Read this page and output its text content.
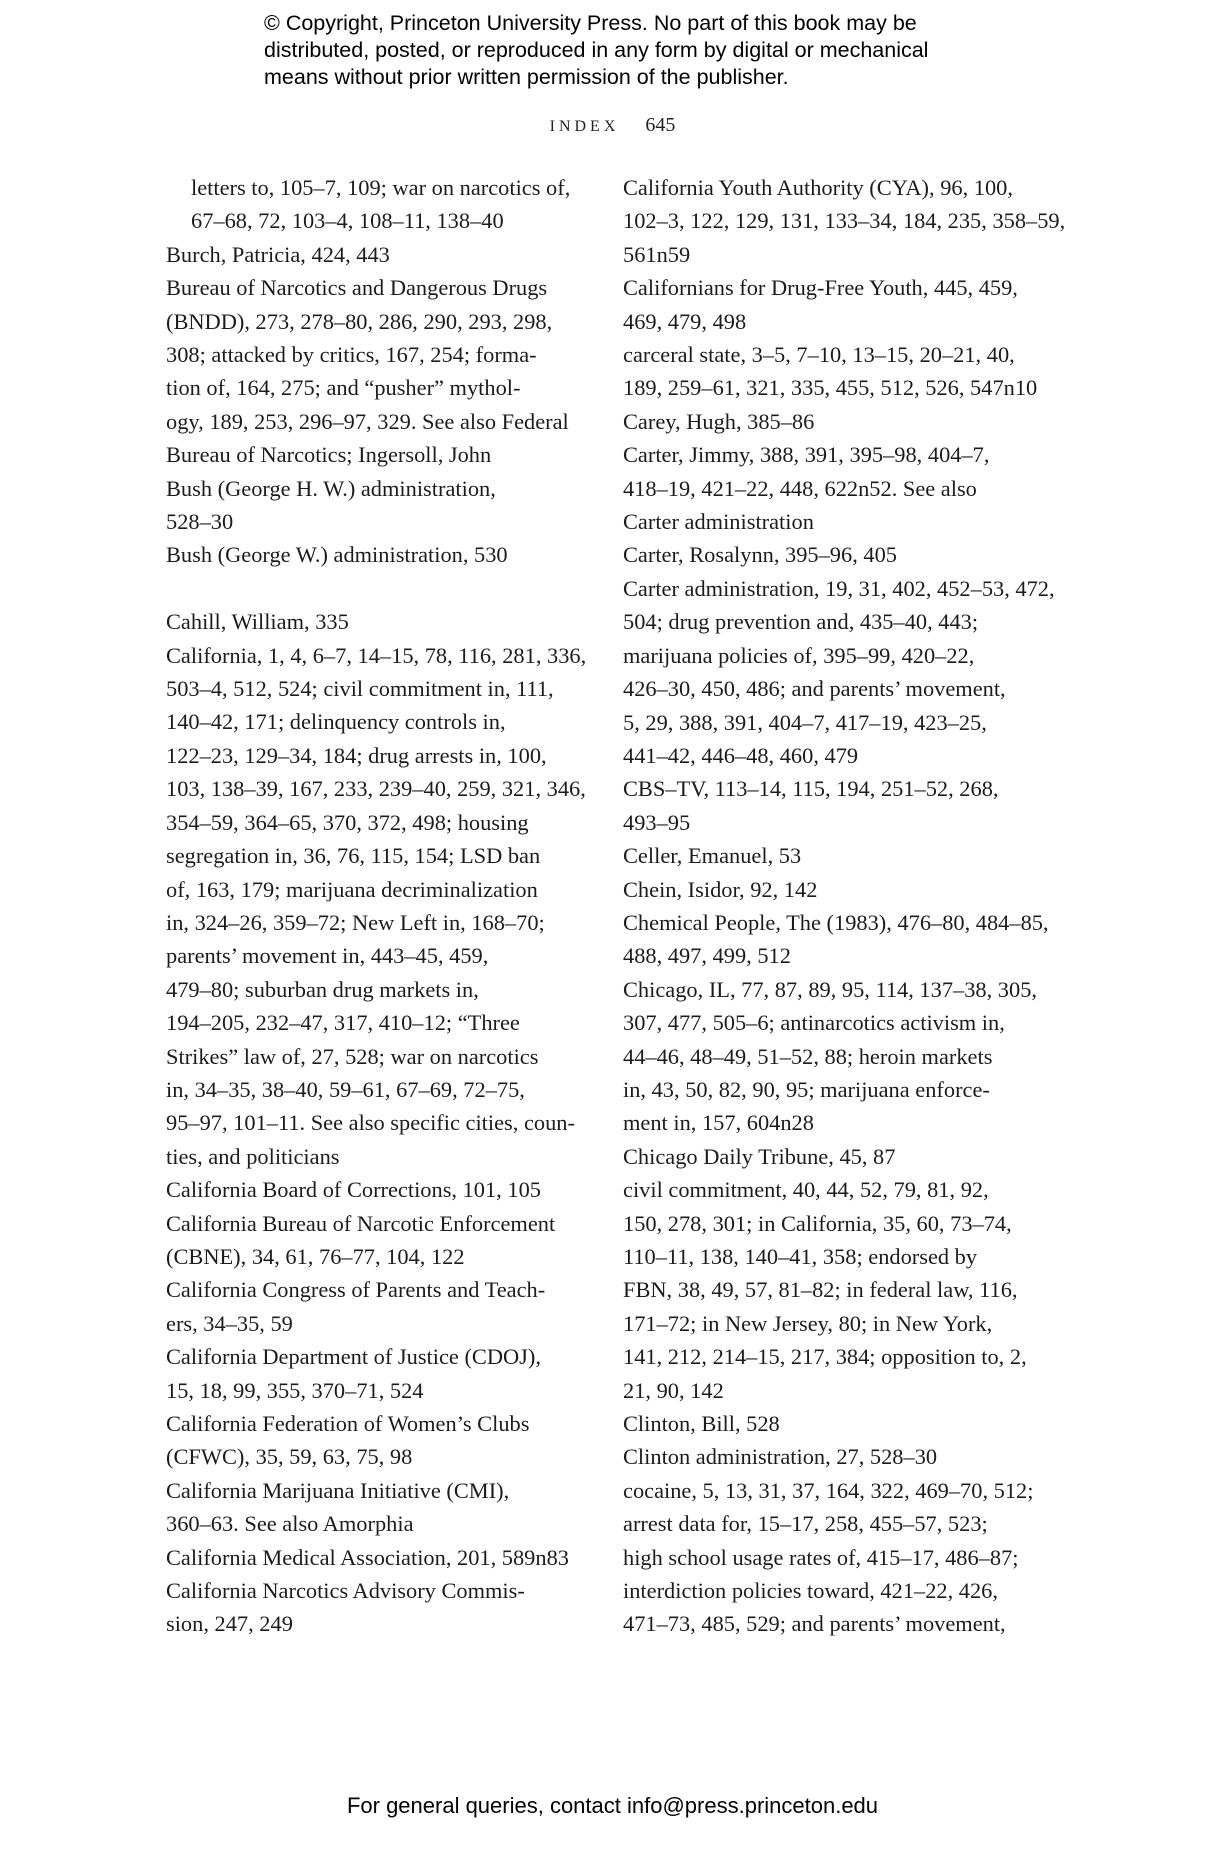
© Copyright, Princeton University Press. No part of this book may be
distributed, posted, or reproduced in any form by digital or mechanical
means without prior written permission of the publisher.
INDEX 645
letters to, 105–7, 109; war on narcotics of,
67–68, 72, 103–4, 108–11, 138–40
Burch, Patricia, 424, 443
Bureau of Narcotics and Dangerous Drugs
(BNDD), 273, 278–80, 286, 290, 293, 298,
308; attacked by critics, 167, 254; forma-
tion of, 164, 275; and “pusher” mythol-
ogy, 189, 253, 296–97, 329. See also Federal
Bureau of Narcotics; Ingersoll, John
Bush (George H. W.) administration,
528–30
Bush (George W.) administration, 530
Cahill, William, 335
California, 1, 4, 6–7, 14–15, 78, 116, 281, 336,
503–4, 512, 524; civil commitment in, 111,
140–42, 171; delinquency controls in,
122–23, 129–34, 184; drug arrests in, 100,
103, 138–39, 167, 233, 239–40, 259, 321, 346,
354–59, 364–65, 370, 372, 498; housing
segregation in, 36, 76, 115, 154; LSD ban
of, 163, 179; marijuana decriminalization
in, 324–26, 359–72; New Left in, 168–70;
parents’ movement in, 443–45, 459,
479–80; suburban drug markets in,
194–205, 232–47, 317, 410–12; “Three
Strikes” law of, 27, 528; war on narcotics
in, 34–35, 38–40, 59–61, 67–69, 72–75,
95–97, 101–11. See also specific cities, coun-
ties, and politicians
California Board of Corrections, 101, 105
California Bureau of Narcotic Enforcement
(CBNE), 34, 61, 76–77, 104, 122
California Congress of Parents and Teach-
ers, 34–35, 59
California Department of Justice (CDOJ),
15, 18, 99, 355, 370–71, 524
California Federation of Women’s Clubs
(CFWC), 35, 59, 63, 75, 98
California Marijuana Initiative (CMI),
360–63. See also Amorphia
California Medical Association, 201, 589n83
California Narcotics Advisory Commis-
sion, 247, 249
California Youth Authority (CYA), 96, 100,
102–3, 122, 129, 131, 133–34, 184, 235, 358–59,
561n59
Californians for Drug-Free Youth, 445, 459,
469, 479, 498
carceral state, 3–5, 7–10, 13–15, 20–21, 40,
189, 259–61, 321, 335, 455, 512, 526, 547n10
Carey, Hugh, 385–86
Carter, Jimmy, 388, 391, 395–98, 404–7,
418–19, 421–22, 448, 622n52. See also
Carter administration
Carter, Rosalynn, 395–96, 405
Carter administration, 19, 31, 402, 452–53, 472,
504; drug prevention and, 435–40, 443;
marijuana policies of, 395–99, 420–22,
426–30, 450, 486; and parents’ movement,
5, 29, 388, 391, 404–7, 417–19, 423–25,
441–42, 446–48, 460, 479
CBS–TV, 113–14, 115, 194, 251–52, 268,
493–95
Celler, Emanuel, 53
Chein, Isidor, 92, 142
Chemical People, The (1983), 476–80, 484–85,
488, 497, 499, 512
Chicago, IL, 77, 87, 89, 95, 114, 137–38, 305,
307, 477, 505–6; antinarcotics activism in,
44–46, 48–49, 51–52, 88; heroin markets
in, 43, 50, 82, 90, 95; marijuana enforce-
ment in, 157, 604n28
Chicago Daily Tribune, 45, 87
civil commitment, 40, 44, 52, 79, 81, 92,
150, 278, 301; in California, 35, 60, 73–74,
110–11, 138, 140–41, 358; endorsed by
FBN, 38, 49, 57, 81–82; in federal law, 116,
171–72; in New Jersey, 80; in New York,
141, 212, 214–15, 217, 384; opposition to, 2,
21, 90, 142
Clinton, Bill, 528
Clinton administration, 27, 528–30
cocaine, 5, 13, 31, 37, 164, 322, 469–70, 512;
arrest data for, 15–17, 258, 455–57, 523;
high school usage rates of, 415–17, 486–87;
interdiction policies toward, 421–22, 426,
471–73, 485, 529; and parents’ movement,
For general queries, contact info@press.princeton.edu
